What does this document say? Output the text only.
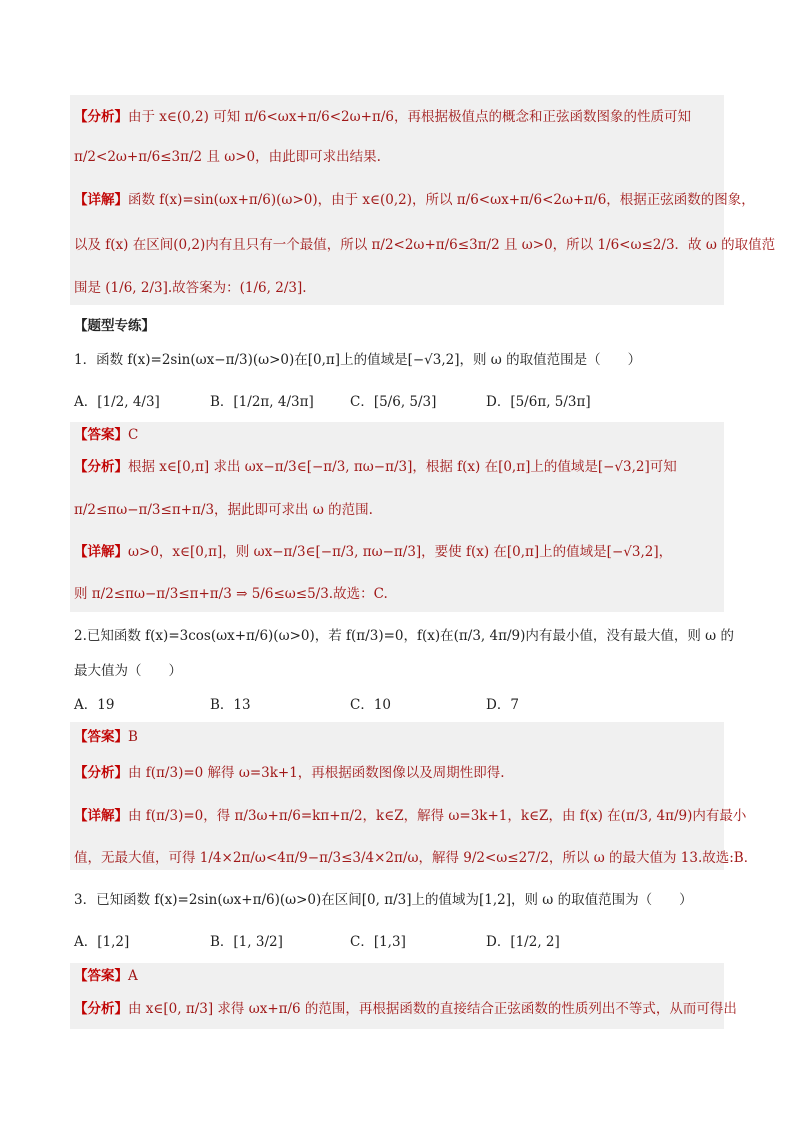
【分析】由于 x∈(0,2) 可知 π/6<ωx+π/6<2ω+π/6，再根据极值点的概念和正弦函数图象的性质可知
π/2<2ω+π/6≤3π/2 且 ω>0，由此即可求出结果.
【详解】函数 f(x)=sin(ωx+π/6)(ω>0)，由于 x∈(0,2)，所以 π/6<ωx+π/6<2ω+π/6，根据正弦函数的图象，
以及 f(x) 在区间(0,2)内有且只有一个最值，所以 π/2<2ω+π/6≤3π/2 且 ω>0，所以 1/6<ω≤2/3．故 ω 的取值范
围是 (1/6, 2/3].故答案为：(1/6, 2/3].
【题型专练】
1．函数 f(x)=2sin(ωx−π/3)(ω>0)在[0,π]上的值域是[−√3,2]，则 ω 的取值范围是（　　）
A．[1/2, 4/3]	B．[1/2π, 4/3π]	C．[5/6, 5/3]	D．[5/6π, 5/3π]
【答案】C
【分析】根据 x∈[0,π] 求出 ωx−π/3∈[−π/3, πω−π/3]，根据 f(x) 在[0,π]上的值域是[−√3,2]可知
π/2≤πω−π/3≤π+π/3，据此即可求出 ω 的范围.
【详解】ω>0，x∈[0,π]，则 ωx−π/3∈[−π/3, πω−π/3]，要使 f(x) 在[0,π]上的值域是[−√3,2]，
则 π/2≤πω−π/3≤π+π/3 ⇒ 5/6≤ω≤5/3.故选：C.
2.已知函数 f(x)=3cos(ωx+π/6)(ω>0)，若 f(π/3)=0，f(x)在(π/3, 4π/9)内有最小值，没有最大值，则 ω 的
最大值为（　　）
A．19	B．13	C．10	D．7
【答案】B
【分析】由 f(π/3)=0 解得 ω=3k+1，再根据函数图像以及周期性即得.
【详解】由 f(π/3)=0，得 π/3ω+π/6=kπ+π/2，k∈Z，解得 ω=3k+1，k∈Z，由 f(x) 在(π/3, 4π/9)内有最小
值，无最大值，可得 1/4×2π/ω<4π/9−π/3≤3/4×2π/ω，解得 9/2<ω≤27/2，所以 ω 的最大值为 13.故选:B．
3．已知函数 f(x)=2sin(ωx+π/6)(ω>0)在区间[0, π/3]上的值域为[1,2]，则 ω 的取值范围为（　　）
A．[1,2]	B．[1, 3/2]	C．[1,3]	D．[1/2, 2]
【答案】A
【分析】由 x∈[0, π/3] 求得 ωx+π/6 的范围，再根据函数的直接结合正弦函数的性质列出不等式，从而可得出
